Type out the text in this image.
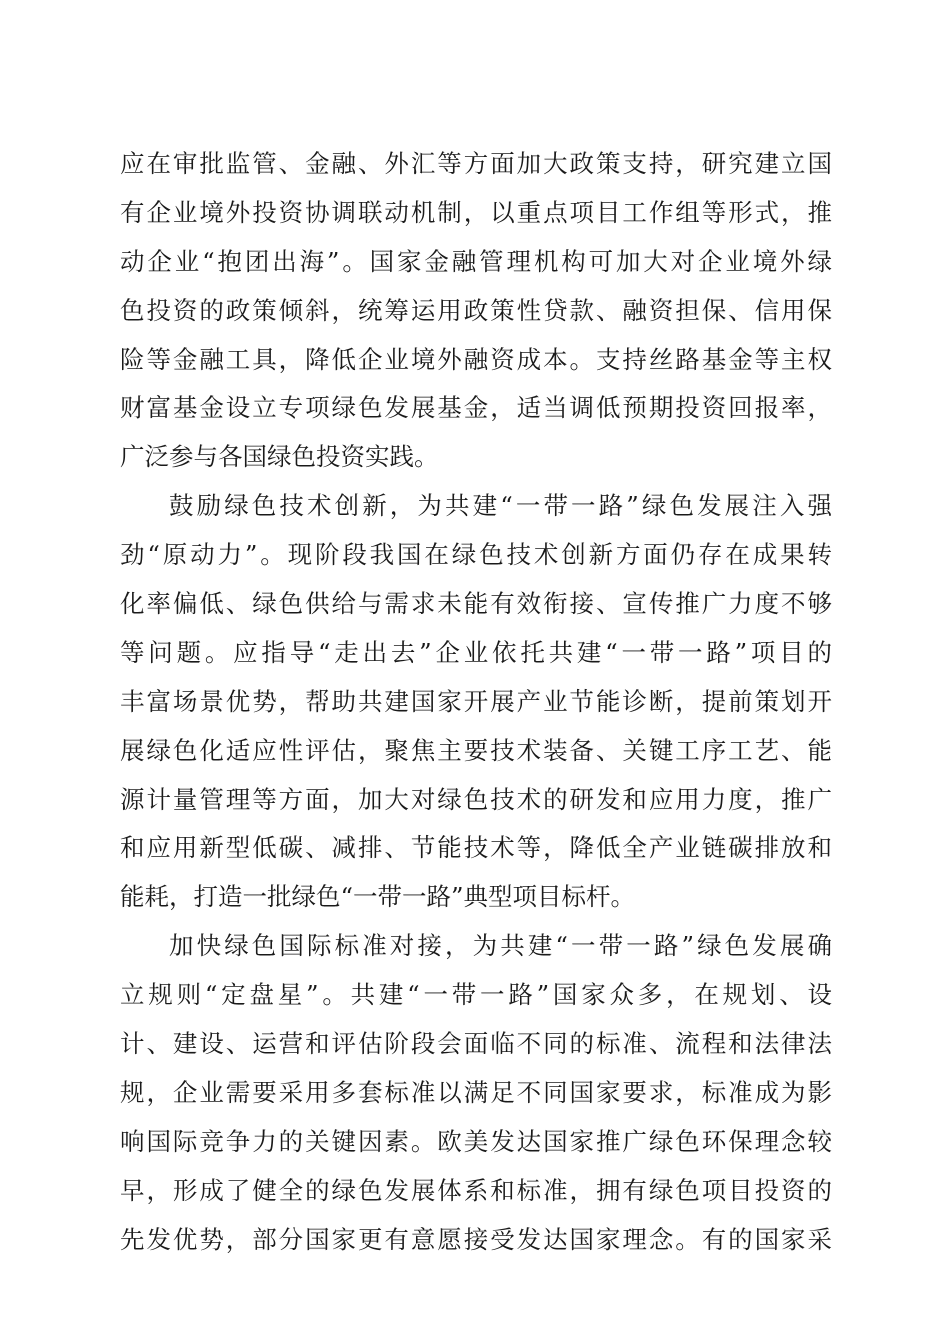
应在审批监管、金融、外汇等方面加大政策支持，研究建立国
有企业境外投资协调联动机制，以重点项目工作组等形式，推
动企业“抱团出海”。国家金融管理机构可加大对企业境外绿
色投资的政策倾斜，统筹运用政策性贷款、融资担保、信用保
险等金融工具，降低企业境外融资成本。支持丝路基金等主权
财富基金设立专项绿色发展基金，适当调低预期投资回报率，
广泛参与各国绿色投资实践。
鼓励绿色技术创新，为共建“一带一路”绿色发展注入强
劲“原动力”。现阶段我国在绿色技术创新方面仍存在成果转
化率偏低、绿色供给与需求未能有效衔接、宣传推广力度不够
等问题。应指导“走出去”企业依托共建“一带一路”项目的
丰富场景优势，帮助共建国家开展产业节能诊断，提前策划开
展绿色化适应性评估，聚焦主要技术装备、关键工序工艺、能
源计量管理等方面，加大对绿色技术的研发和应用力度，推广
和应用新型低碳、减排、节能技术等，降低全产业链碳排放和
能耗，打造一批绿色“一带一路”典型项目标杆。
加快绿色国际标准对接，为共建“一带一路”绿色发展确
立规则“定盘星”。共建“一带一路”国家众多，在规划、设
计、建设、运营和评估阶段会面临不同的标准、流程和法律法
规，企业需要采用多套标准以满足不同国家要求，标准成为影
响国际竞争力的关键因素。欧美发达国家推广绿色环保理念较
早，形成了健全的绿色发展体系和标准，拥有绿色项目投资的
先发优势，部分国家更有意愿接受发达国家理念。有的国家采
